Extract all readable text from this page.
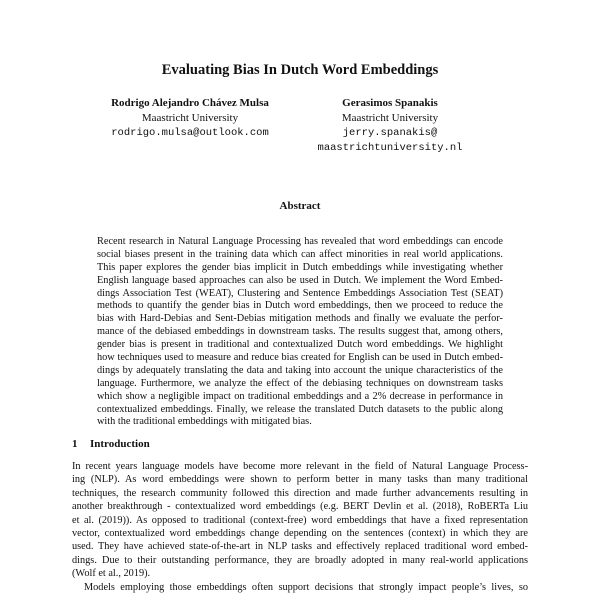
Evaluating Bias In Dutch Word Embeddings
Rodrigo Alejandro Chávez Mulsa
Maastricht University
rodrigo.mulsa@outlook.com
Gerasimos Spanakis
Maastricht University
jerry.spanakis@
maastrichtuniversity.nl
Abstract
Recent research in Natural Language Processing has revealed that word embeddings can encode
social biases present in the training data which can affect minorities in real world applications.
This paper explores the gender bias implicit in Dutch embeddings while investigating whether
English language based approaches can also be used in Dutch. We implement the Word Embed-
dings Association Test (WEAT), Clustering and Sentence Embeddings Association Test (SEAT)
methods to quantify the gender bias in Dutch word embeddings, then we proceed to reduce the
bias with Hard-Debias and Sent-Debias mitigation methods and finally we evaluate the perfor-
mance of the debiased embeddings in downstream tasks. The results suggest that, among others,
gender bias is present in traditional and contextualized Dutch word embeddings. We highlight
how techniques used to measure and reduce bias created for English can be used in Dutch embed-
dings by adequately translating the data and taking into account the unique characteristics of the
language. Furthermore, we analyze the effect of the debiasing techniques on downstream tasks
which show a negligible impact on traditional embeddings and a 2% decrease in performance in
contextualized embeddings. Finally, we release the translated Dutch datasets to the public along
with the traditional embeddings with mitigated bias.
1 Introduction
In recent years language models have become more relevant in the field of Natural Language Process-
ing (NLP). As word embeddings were shown to perform better in many tasks than many traditional
techniques, the research community followed this direction and made further advancements resulting in
another breakthrough - contextualized word embeddings (e.g. BERT Devlin et al. (2018), RoBERTa Liu
et al. (2019)). As opposed to traditional (context-free) word embeddings that have a fixed representation
vector, contextualized word embeddings change depending on the sentences (context) in which they are
used. They have achieved state-of-the-art in NLP tasks and effectively replaced traditional word embed-
dings. Due to their outstanding performance, they are broadly adopted in many real-world applications
(Wolf et al., 2019).
Models employing those embeddings often support decisions that strongly impact people’s lives, so
